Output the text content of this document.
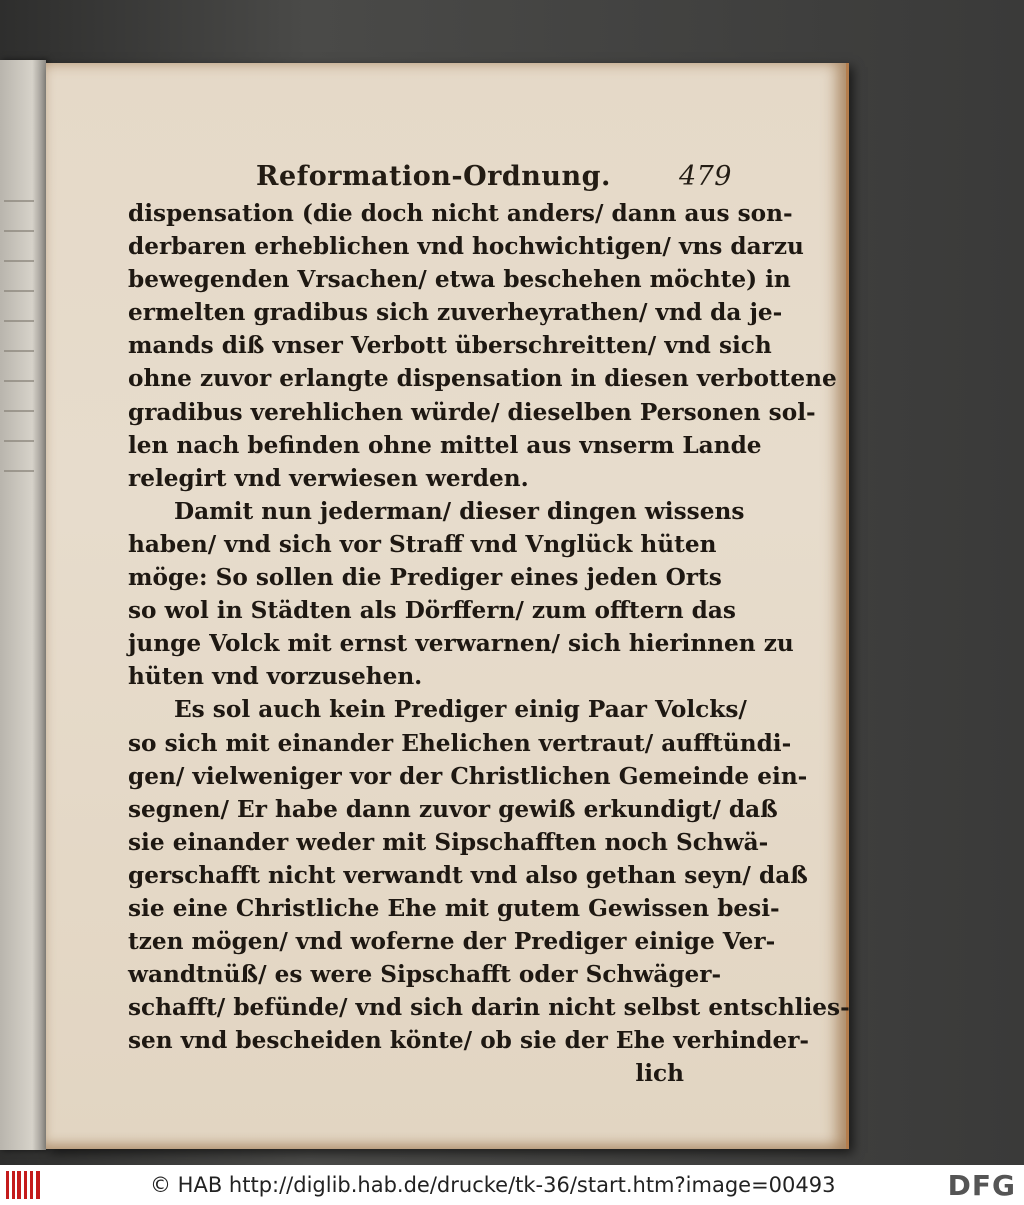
Reformation-Ordnung.	479
dispensation (die doch nicht anders/ dann aus son-
derbaren erheblichen vnd hochwichtigen/ vns darzu
bewegenden Vrsachen/ etwa beschehen möchte) in
ermelten gradibus sich zuverheyrathen/ vnd da je-
mands diß vnser Verbott überschreitten/ vnd sich
ohne zuvor erlangte dispensation in diesen verbottene
gradibus verehlichen würde/ dieselben Personen sol-
len nach befinden ohne mittel aus vnserm Lande
relegirt vnd verwiesen werden.
Damit nun jederman/ dieser dingen wissens
haben/ vnd sich vor Straff vnd Vnglück hüten
möge: So sollen die Prediger eines jeden Orts
so wol in Städten als Dörffern/ zum offtern das
junge Volck mit ernst verwarnen/ sich hierinnen zu
hüten vnd vorzusehen.
Es sol auch kein Prediger einig Paar Volcks/
so sich mit einander Ehelichen vertraut/ aufftündi-
gen/ vielweniger vor der Christlichen Gemeinde ein-
segnen/ Er habe dann zuvor gewiß erkundigt/ daß
sie einander weder mit Sipschafften noch Schwä-
gerschafft nicht verwandt vnd also gethan seyn/ daß
sie eine Christliche Ehe mit gutem Gewissen besi-
tzen mögen/ vnd woferne der Prediger einige Ver-
wandtnüß/ es were Sipschafft oder Schwäger-
schafft/ befünde/ vnd sich darin nicht selbst entschlies-
sen vnd bescheiden könte/ ob sie der Ehe verhinder-
lich
© HAB http://diglib.hab.de/drucke/tk-36/start.htm?image=00493	DFG
